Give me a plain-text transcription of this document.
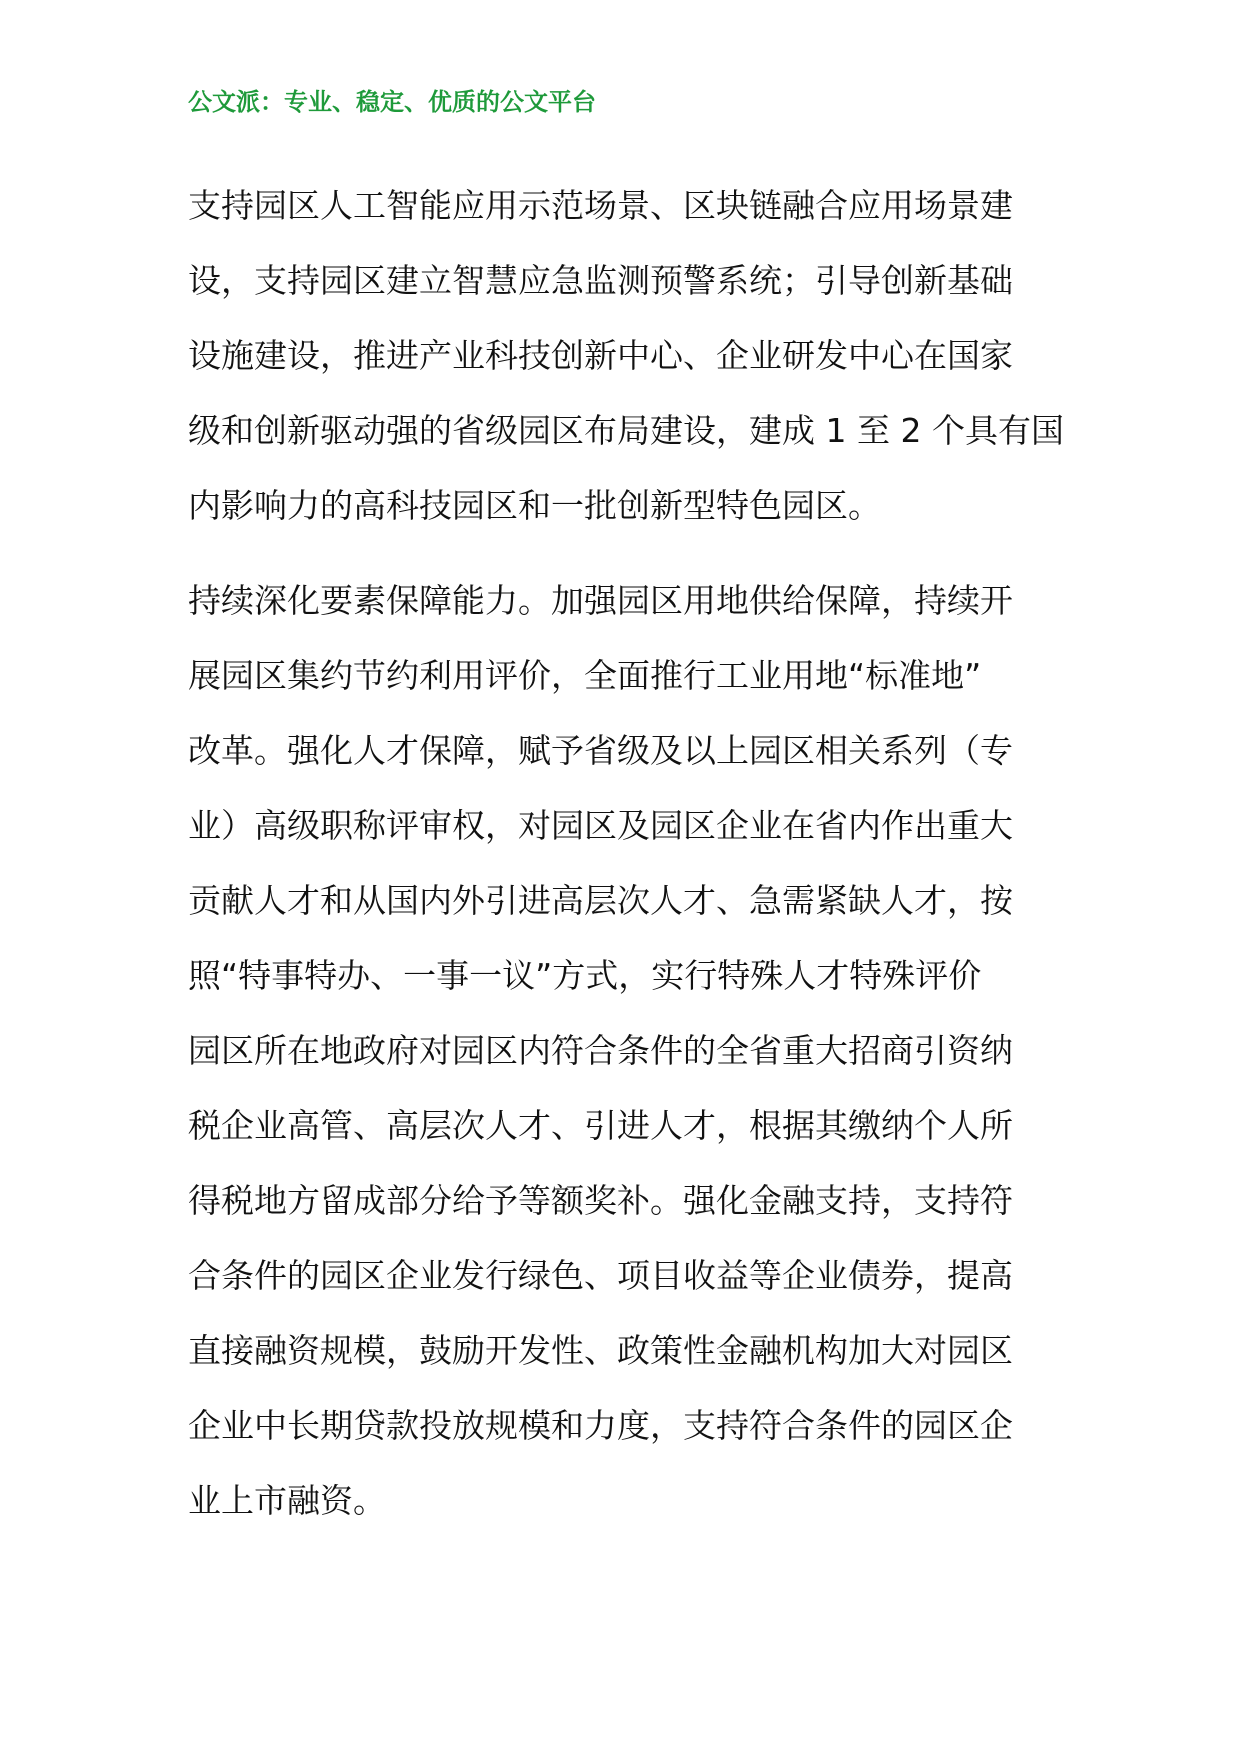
公文派：专业、稳定、优质的公文平台
支持园区人工智能应用示范场景、区块链融合应用场景建
设，支持园区建立智慧应急监测预警系统；引导创新基础
设施建设，推进产业科技创新中心、企业研发中心在国家
级和创新驱动强的省级园区布局建设，建成 1 至 2 个具有国
内影响力的高科技园区和一批创新型特色园区。
持续深化要素保障能力。加强园区用地供给保障，持续开
展园区集约节约利用评价，全面推行工业用地“标准地”
改革。强化人才保障，赋予省级及以上园区相关系列（专
业）高级职称评审权，对园区及园区企业在省内作出重大
贡献人才和从国内外引进高层次人才、急需紧缺人才，按
照“特事特办、一事一议”方式，实行特殊人才特殊评价
园区所在地政府对园区内符合条件的全省重大招商引资纳
税企业高管、高层次人才、引进人才，根据其缴纳个人所
得税地方留成部分给予等额奖补。强化金融支持，支持符
合条件的园区企业发行绿色、项目收益等企业债券，提高
直接融资规模，鼓励开发性、政策性金融机构加大对园区
企业中长期贷款投放规模和力度，支持符合条件的园区企
业上市融资。
